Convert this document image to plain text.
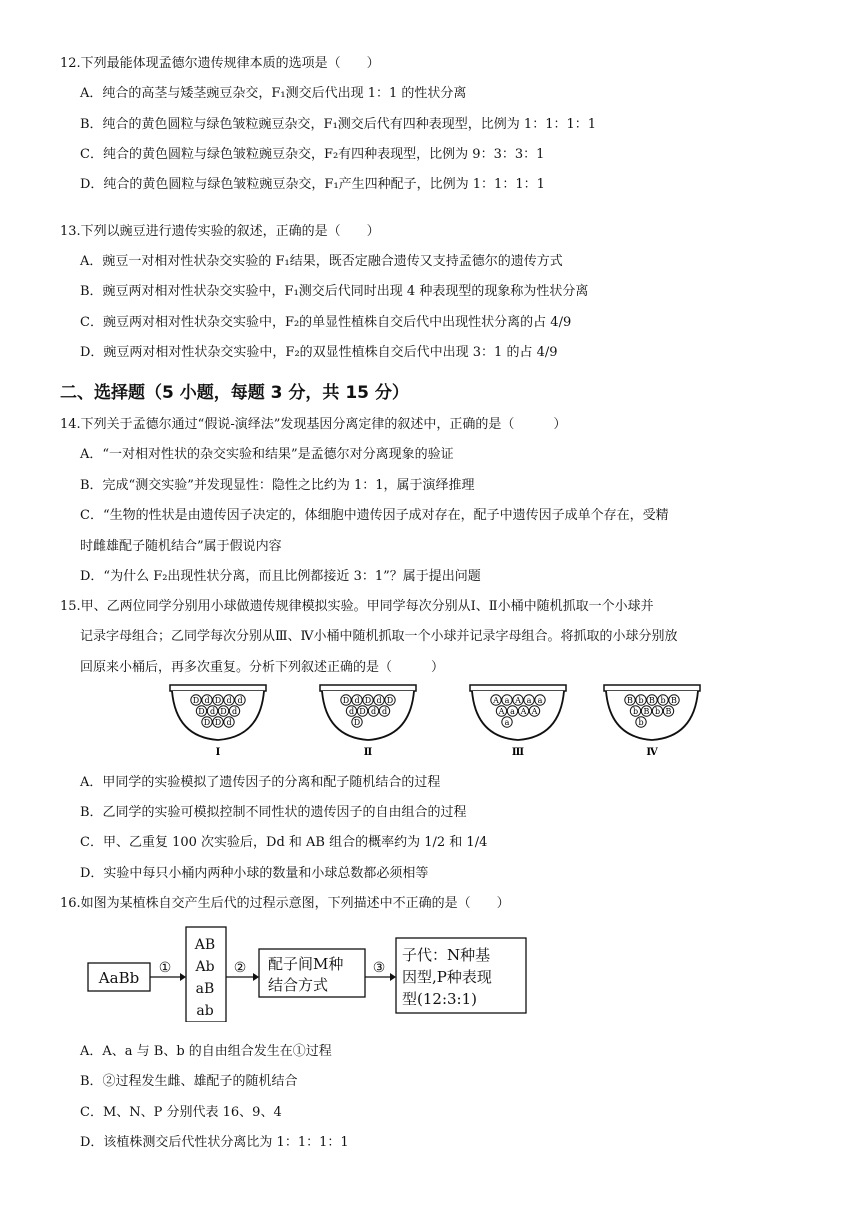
12.下列最能体现孟德尔遗传规律本质的选项是（　　）
A．纯合的高茎与矮茎豌豆杂交，F₁测交后代出现 1：1 的性状分离
B．纯合的黄色圆粒与绿色皱粒豌豆杂交，F₁测交后代有四种表现型，比例为 1：1：1：1
C．纯合的黄色圆粒与绿色皱粒豌豆杂交，F₂有四种表现型，比例为 9：3：3：1
D．纯合的黄色圆粒与绿色皱粒豌豆杂交，F₁产生四种配子，比例为 1：1：1：1
13.下列以豌豆进行遗传实验的叙述，正确的是（　　）
A．豌豆一对相对性状杂交实验的 F₁结果，既否定融合遗传又支持孟德尔的遗传方式
B．豌豆两对相对性状杂交实验中，F₁测交后代同时出现 4 种表现型的现象称为性状分离
C．豌豆两对相对性状杂交实验中，F₂的单显性植株自交后代中出现性状分离的占 4/9
D．豌豆两对相对性状杂交实验中，F₂的双显性植株自交后代中出现 3：1 的占 4/9
二、选择题（5 小题，每题 3 分，共 15 分）
14.下列关于孟德尔通过“假说-演绎法”发现基因分离定律的叙述中，正确的是（　　　）
A．“一对相对性状的杂交实验和结果”是孟德尔对分离现象的验证
B．完成“测交实验”并发现显性：隐性之比约为 1：1，属于演绎推理
C．“生物的性状是由遗传因子决定的，体细胞中遗传因子成对存在，配子中遗传因子成单个存在，受精
时雌雄配子随机结合”属于假说内容
D．“为什么 F₂出现性状分离，而且比例都接近 3：1”？属于提出问题
15.甲、乙两位同学分别用小球做遗传规律模拟实验。甲同学每次分别从Ⅰ、Ⅱ小桶中随机抓取一个小球并
记录字母组合；乙同学每次分别从Ⅲ、Ⅳ小桶中随机抓取一个小球并记录字母组合。将抓取的小球分别放
回原来小桶后，再多次重复。分析下列叙述正确的是（　　　）
D d D d d
D d D d
D D d
Ⅰ
D d D d D
d D d d
D
Ⅱ
A a A a a
A a A A
a
Ⅲ
B b B b B
b B b B
b
Ⅳ
A．甲同学的实验模拟了遗传因子的分离和配子随机结合的过程
B．乙同学的实验可模拟控制不同性状的遗传因子的自由组合的过程
C．甲、乙重复 100 次实验后，Dd 和 AB 组合的概率约为 1/2 和 1/4
D．实验中每只小桶内两种小球的数量和小球总数都必须相等
16.如图为某植株自交产生后代的过程示意图，下列描述中不正确的是（　　）
AaBb
①
AB
Ab
aB
ab
② 配子间M种
结合方式
③
子代：N种基
因型,P种表现
型(12:3:1)
A．A、a 与 B、b 的自由组合发生在①过程
B．②过程发生雌、雄配子的随机结合
C．M、N、P 分别代表 16、9、4
D．该植株测交后代性状分离比为 1：1：1：1
